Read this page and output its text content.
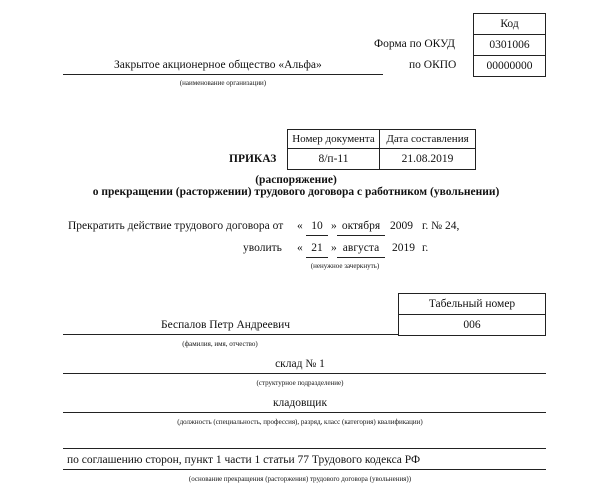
Код
Форма по ОКУД	0301006
по ОКПО	00000000
Закрытое акционерное общество «Альфа»
(наименование организации)
Номер документа Дата составления
8/п-11	21.08.2019
ПРИКАЗ
(распоряжение)
о прекращении (расторжении) трудового договора с работником (увольнении)
Прекратить действие трудового договора от « 10 » октября 2009 г. № 24,
уволить « 21 » августа	2019 г.
(ненужное зачеркнуть)
Табельный номер
006
Беспалов Петр Андреевич
(фамилия, имя, отчество)
склад № 1
(структурное подразделение)
кладовщик
(должность (специальность, профессия), разряд, класс (категория) квалификации)
по соглашению сторон, пункт 1 части 1 статьи 77 Трудового кодекса РФ
(основание прекращения (расторжения) трудового договора (увольнения))
